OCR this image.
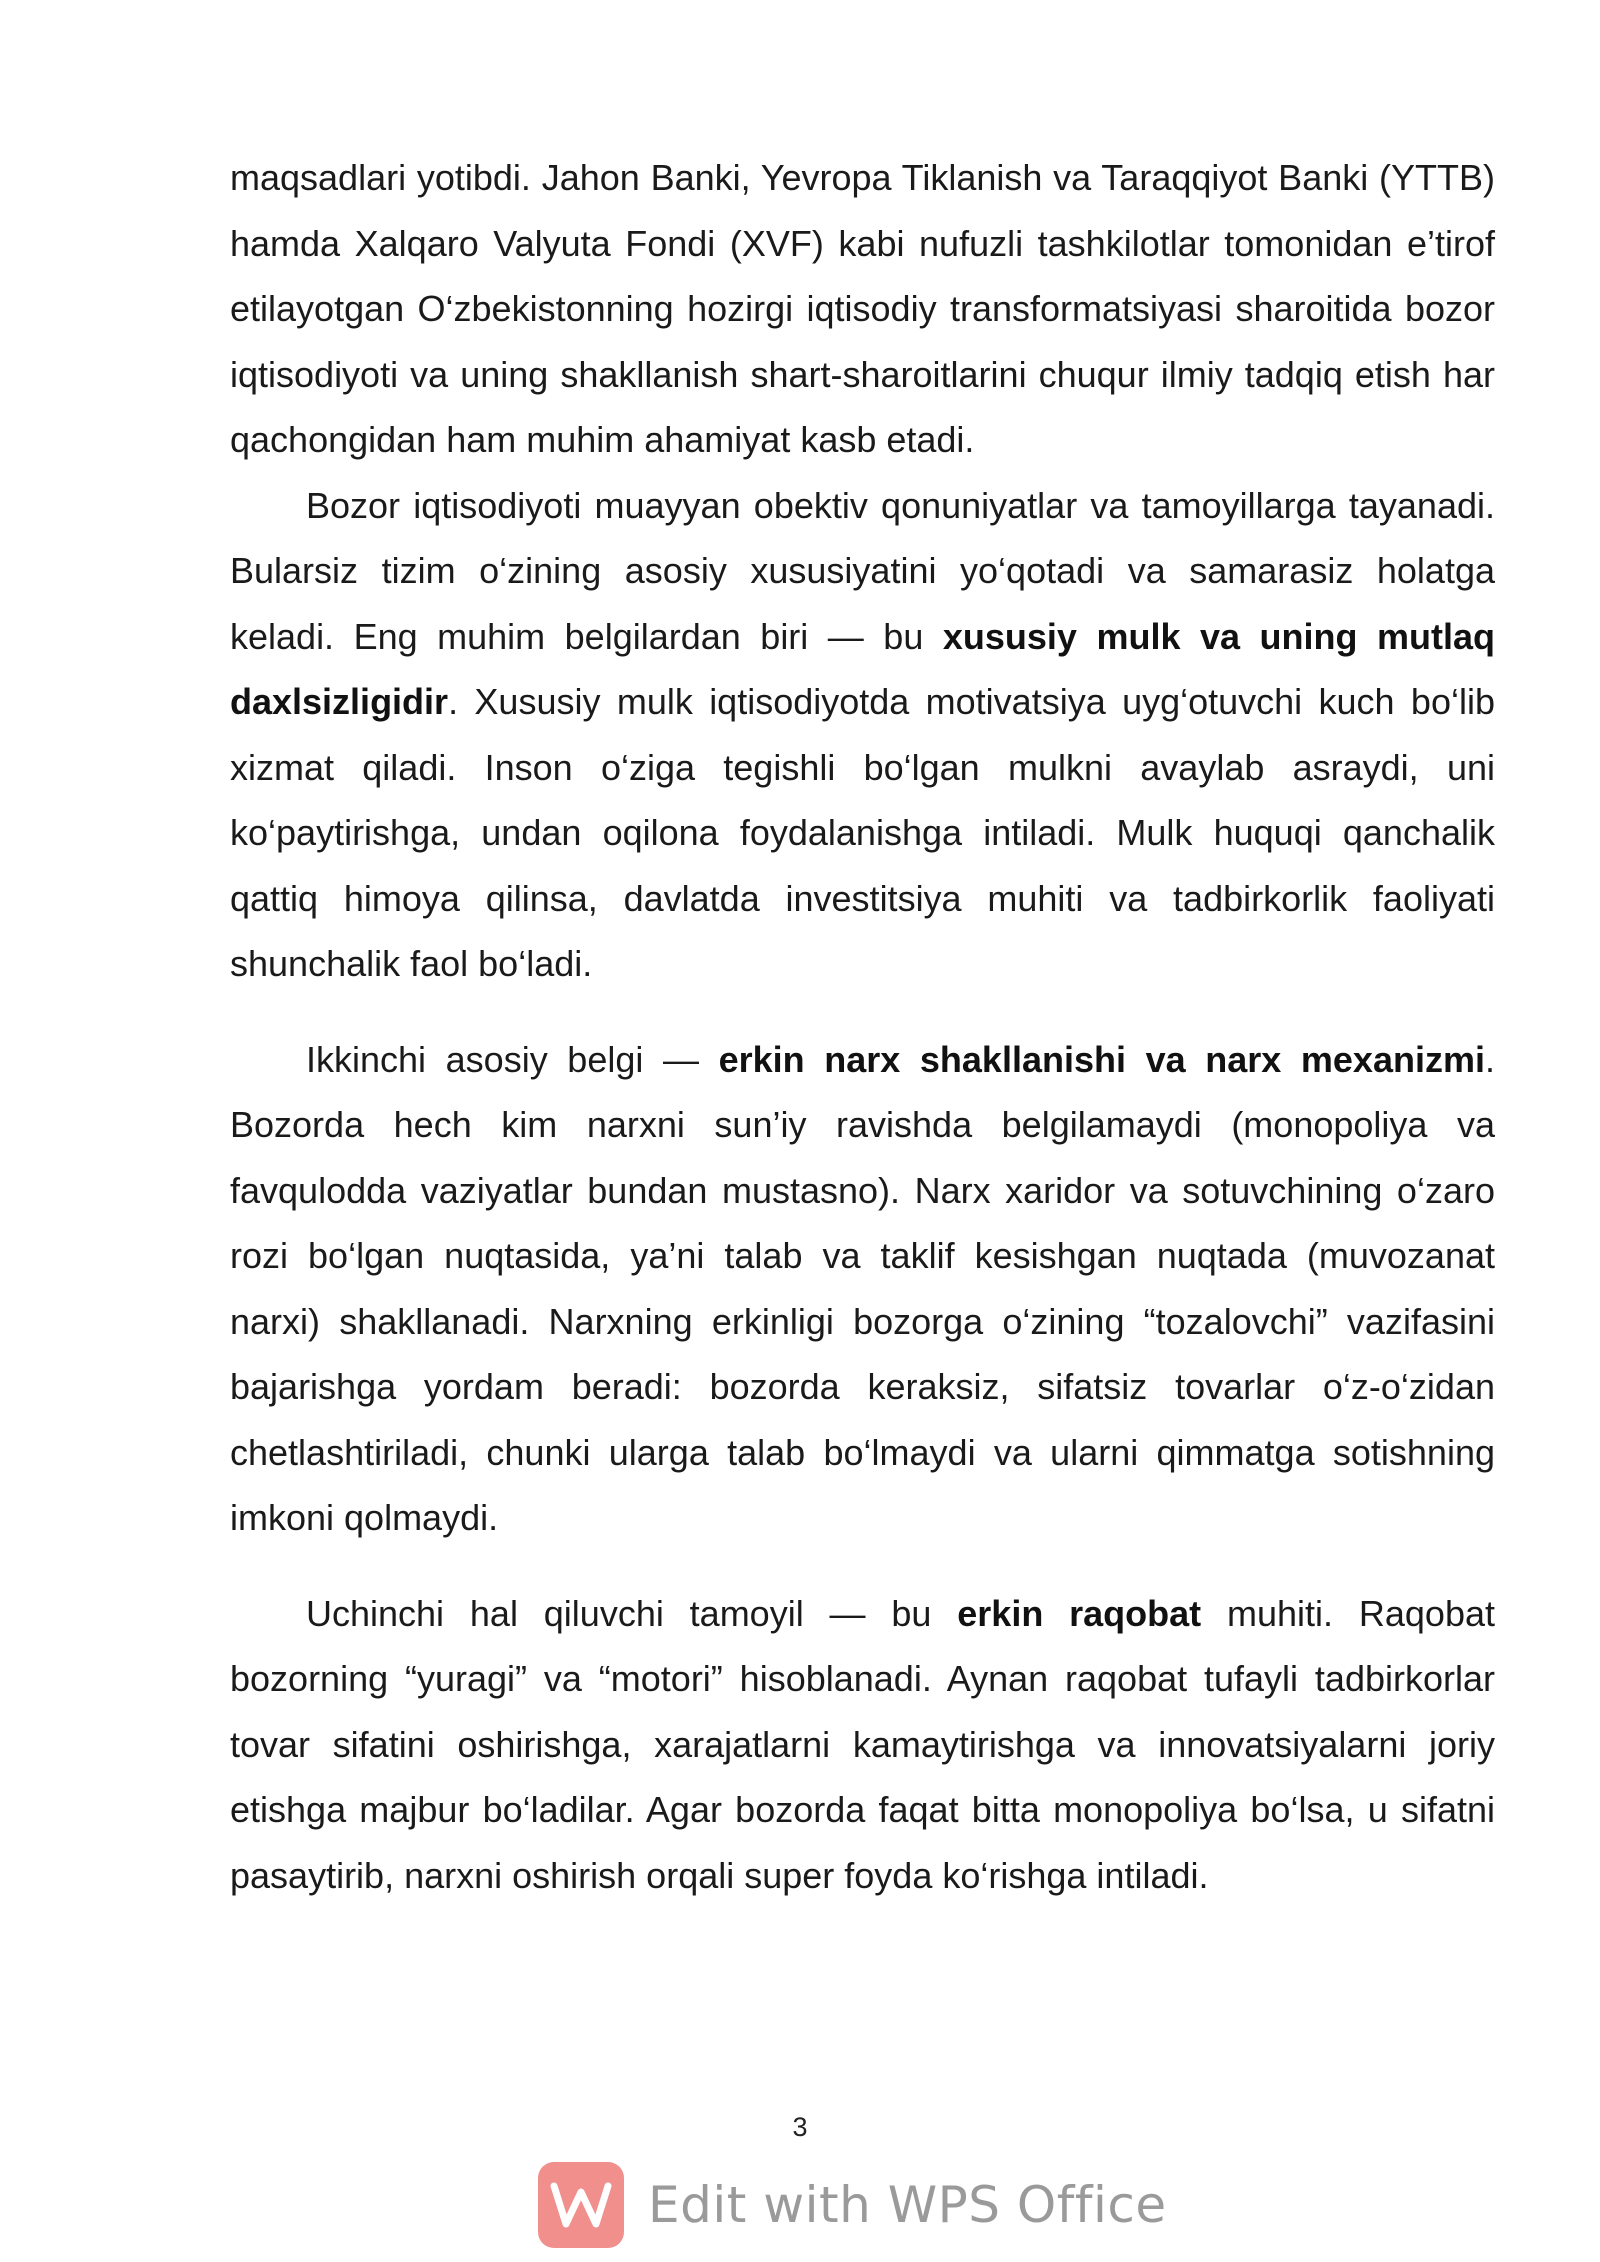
maqsadlari yotibdi. Jahon Banki, Yevropa Tiklanish va Taraqqiyot Banki (YTTB) hamda Xalqaro Valyuta Fondi (XVF) kabi nufuzli tashkilotlar tomonidan e’tirof etilayotgan O‘zbekistonning hozirgi iqtisodiy transformatsiyasi sharoitida bozor iqtisodiyoti va uning shakllanish shart-sharoitlarini chuqur ilmiy tadqiq etish har qachongidan ham muhim ahamiyat kasb etadi.

Bozor iqtisodiyoti muayyan obektiv qonuniyatlar va tamoyillarga tayanadi. Bularsiz tizim o‘zining asosiy xususiyatini yo‘qotadi va samarasiz holatga keladi. Eng muhim belgilardan biri — bu xususiy mulk va uning mutlaq daxlsizligidir. Xususiy mulk iqtisodiyotda motivatsiya uyg‘otuvchi kuch bo‘lib xizmat qiladi. Inson o‘ziga tegishli bo‘lgan mulkni avaylab asraydi, uni ko‘paytirishga, undan oqilona foydalanishga intiladi. Mulk huquqi qanchalik qattiq himoya qilinsa, davlatda investitsiya muhiti va tadbirkorlik faoliyati shunchalik faol bo‘ladi.

Ikkinchi asosiy belgi — erkin narx shakllanishi va narx mexanizmi. Bozorda hech kim narxni sun’iy ravishda belgilamaydi (monopoliya va favqulodda vaziyatlar bundan mustasno). Narx xaridor va sotuvchining o‘zaro rozi bo‘lgan nuqtasida, ya’ni talab va taklif kesishgan nuqtada (muvozanat narxi) shakllanadi. Narxning erkinligi bozorga o‘zining “tozalovchi” vazifasini bajarishga yordam beradi: bozorda keraksiz, sifatsiz tovarlar o‘z-o‘zidan chetlashtiriladi, chunki ularga talab bo‘lmaydi va ularni qimmatga sotishning imkoni qolmaydi.

Uchinchi hal qiluvchi tamoyil — bu erkin raqobat muhiti. Raqobat bozorning “yuragi” va “motori” hisoblanadi. Aynan raqobat tufayli tadbirkorlar tovar sifatini oshirishga, xarajatlarni kamaytirishga va innovatsiyalarni joriy etishga majbur bo‘ladilar. Agar bozorda faqat bitta monopoliya bo‘lsa, u sifatni pasaytirib, narxni oshirish orqali super foyda ko‘rishga intiladi.

3
Edit with WPS Office
